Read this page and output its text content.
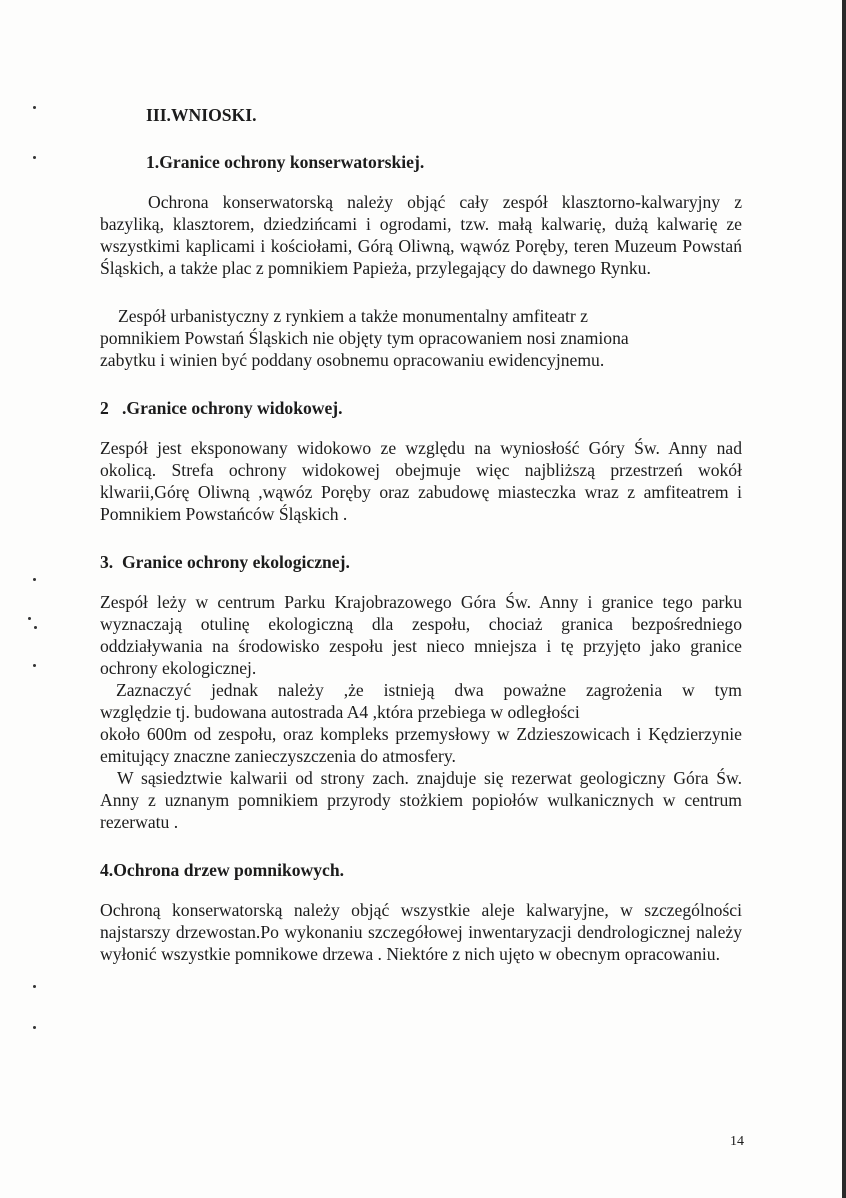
III.WNIOSKI.
1.Granice ochrony konserwatorskiej.

Ochrona konserwatorską należy objąć cały zespół klasztorno-kalwaryjny z bazyliką, klasztorem, dziedzińcami i ogrodami, tzw. małą kalwarię, dużą kalwarię ze wszystkimi kaplicami i kościołami, Górą Oliwną, wąwóz Poręby, teren Muzeum Powstań Śląskich, a także plac z pomnikiem Papieża, przylegający do dawnego Rynku.

Zespół urbanistyczny z rynkiem a także monumentalny amfiteatr z
pomnikiem Powstań Śląskich nie objęty tym opracowaniem nosi znamiona
zabytku i winien być poddany osobnemu opracowaniu ewidencyjnemu.

2   .Granice ochrony widokowej.

Zespół jest eksponowany widokowo ze względu na wyniosłość Góry Św. Anny nad okolicą. Strefa ochrony widokowej obejmuje więc najbliższą przestrzeń wokół klwarii,Górę Oliwną ,wąwóz Poręby oraz zabudowę miasteczka wraz z amfiteatrem i Pomnikiem Powstańców Śląskich .

3.  Granice ochrony ekologicznej.

Zespół leży w centrum Parku Krajobrazowego Góra Św. Anny i granice tego parku wyznaczają otulinę ekologiczną dla zespołu, chociaż granica bezpośredniego oddziaływania na środowisko zespołu jest nieco mniejsza i tę przyjęto jako granice ochrony ekologicznej.

Zaznaczyć jednak należy ,że istnieją dwa poważne zagrożenia w tym
względzie tj. budowana autostrada A4 ,która przebiega w odległości
około 600m od zespołu, oraz kompleks przemysłowy w Zdzieszowicach i Kędzierzynie emitujący znaczne zanieczyszczenia do atmosfery.

W sąsiedztwie kalwarii od strony zach. znajduje się rezerwat geologiczny Góra Św. Anny z uznanym pomnikiem przyrody stożkiem popiołów wulkanicznych w centrum rezerwatu .

4.Ochrona drzew pomnikowych.

Ochroną konserwatorską należy objąć wszystkie aleje kalwaryjne, w szczególności najstarszy drzewostan.Po wykonaniu szczegółowej inwentaryzacji dendrologicznej należy wyłonić wszystkie pomnikowe drzewa . Niektóre z nich ujęto w obecnym opracowaniu.

14
